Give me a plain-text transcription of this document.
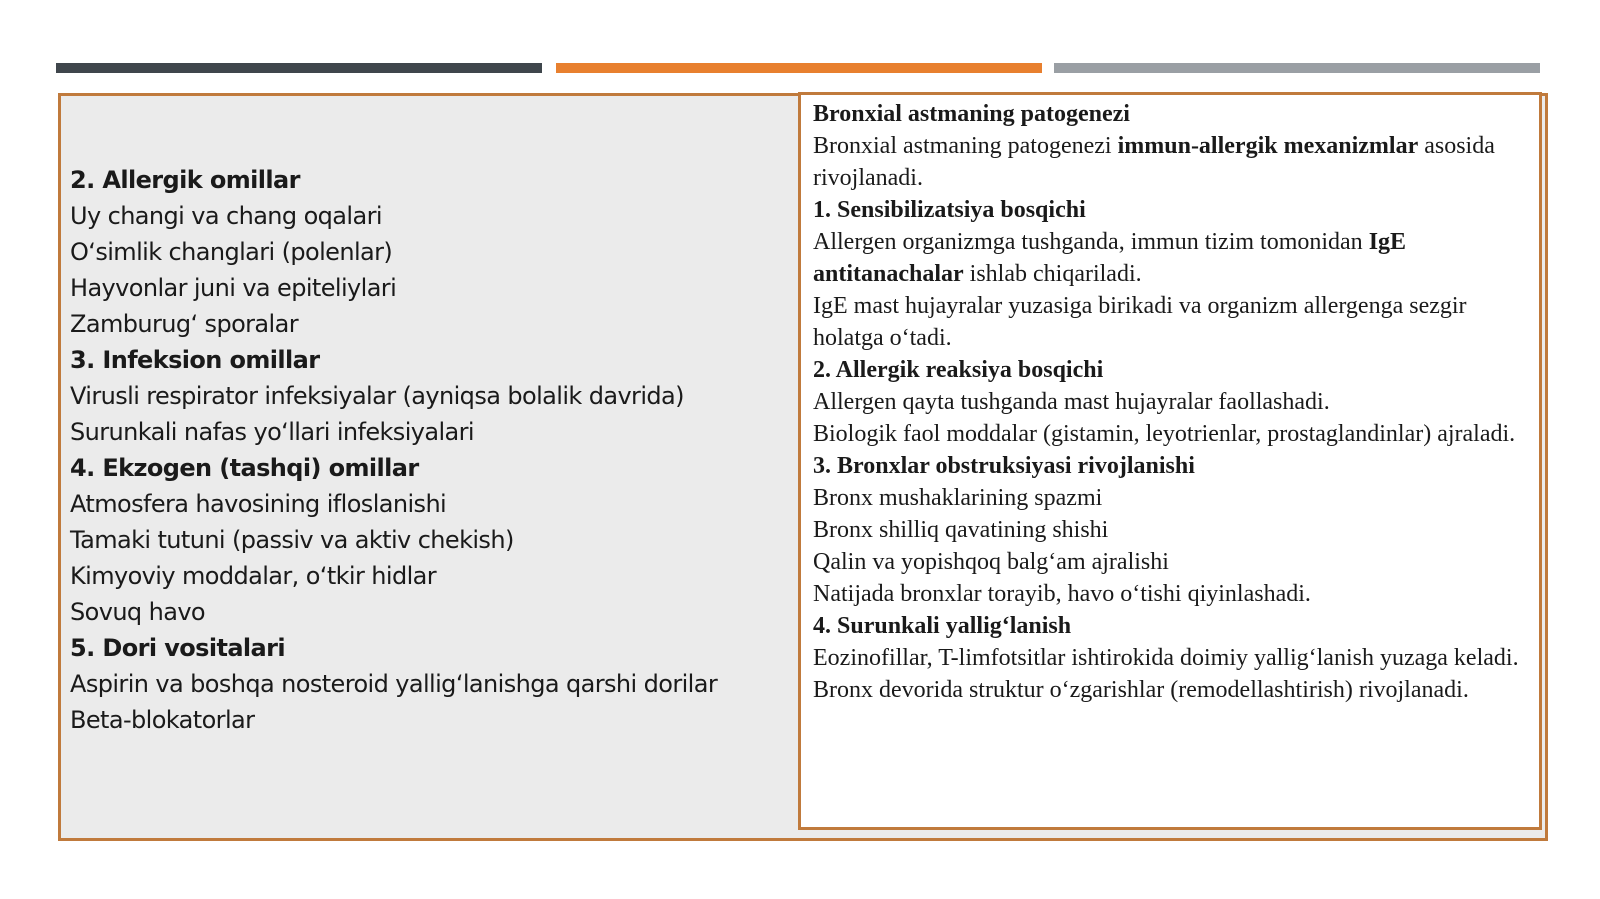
2. Allergik omillar
Uy changi va chang oqalari
O‘simlik changlari (polenlar)
Hayvonlar juni va epiteliylari
Zamburug‘ sporalar
3. Infeksion omillar
Virusli respirator infeksiyalar (ayniqsa bolalik davrida)
Surunkali nafas yo‘llari infeksiyalari
4. Ekzogen (tashqi) omillar
Atmosfera havosining ifloslanishi
Tamaki tutuni (passiv va aktiv chekish)
Kimyoviy moddalar, o‘tkir hidlar
Sovuq havo
5. Dori vositalari
Aspirin va boshqa nosteroid yallig‘lanishga qarshi dorilar
Beta-blokatorlar
Bronxial astmaning patogenezi
Bronxial astmaning patogenezi immun-allergik mexanizmlar asosida rivojlanadi.
1. Sensibilizatsiya bosqichi
Allergen organizmga tushganda, immun tizim tomonidan IgE antitanachalar ishlab chiqariladi.
IgE mast hujayralar yuzasiga birikadi va organizm allergenga sezgir holatga o‘tadi.
2. Allergik reaksiya bosqichi
Allergen qayta tushganda mast hujayralar faollashadi.
Biologik faol moddalar (gistamin, leyotrienlar, prostaglandinlar) ajraladi.
3. Bronxlar obstruksiyasi rivojlanishi
Bronx mushaklarining spazmi
Bronx shilliq qavatining shishi
Qalin va yopishqoq balg‘am ajralishi
Natijada bronxlar torayib, havo o‘tishi qiyinlashadi.
4. Surunkali yallig‘lanish
Eozinofillar, T-limfotsitlar ishtirokida doimiy yallig‘lanish yuzaga keladi.
Bronx devorida struktur o‘zgarishlar (remodellashtirish) rivojlanadi.
